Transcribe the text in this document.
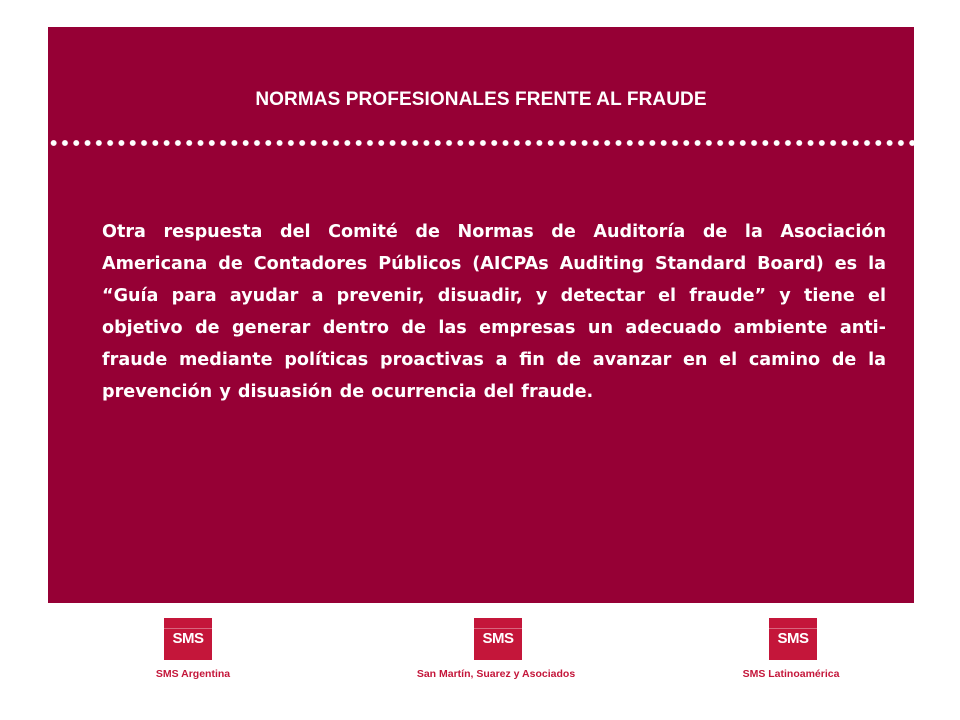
NORMAS PROFESIONALES FRENTE AL FRAUDE
Otra respuesta del Comité de Normas de Auditoría de la Asociación Americana de Contadores Públicos (AICPAs Auditing Standard Board) es la “Guía para ayudar a prevenir, disuadir, y detectar el fraude” y tiene el objetivo de generar dentro de las empresas un adecuado ambiente anti-fraude mediante políticas proactivas a fin de avanzar en el camino de la prevención y disuasión de ocurrencia del fraude.
SMS
SMS Argentina
SMS
San Martín, Suarez y Asociados
SMS
SMS Latinoamérica
